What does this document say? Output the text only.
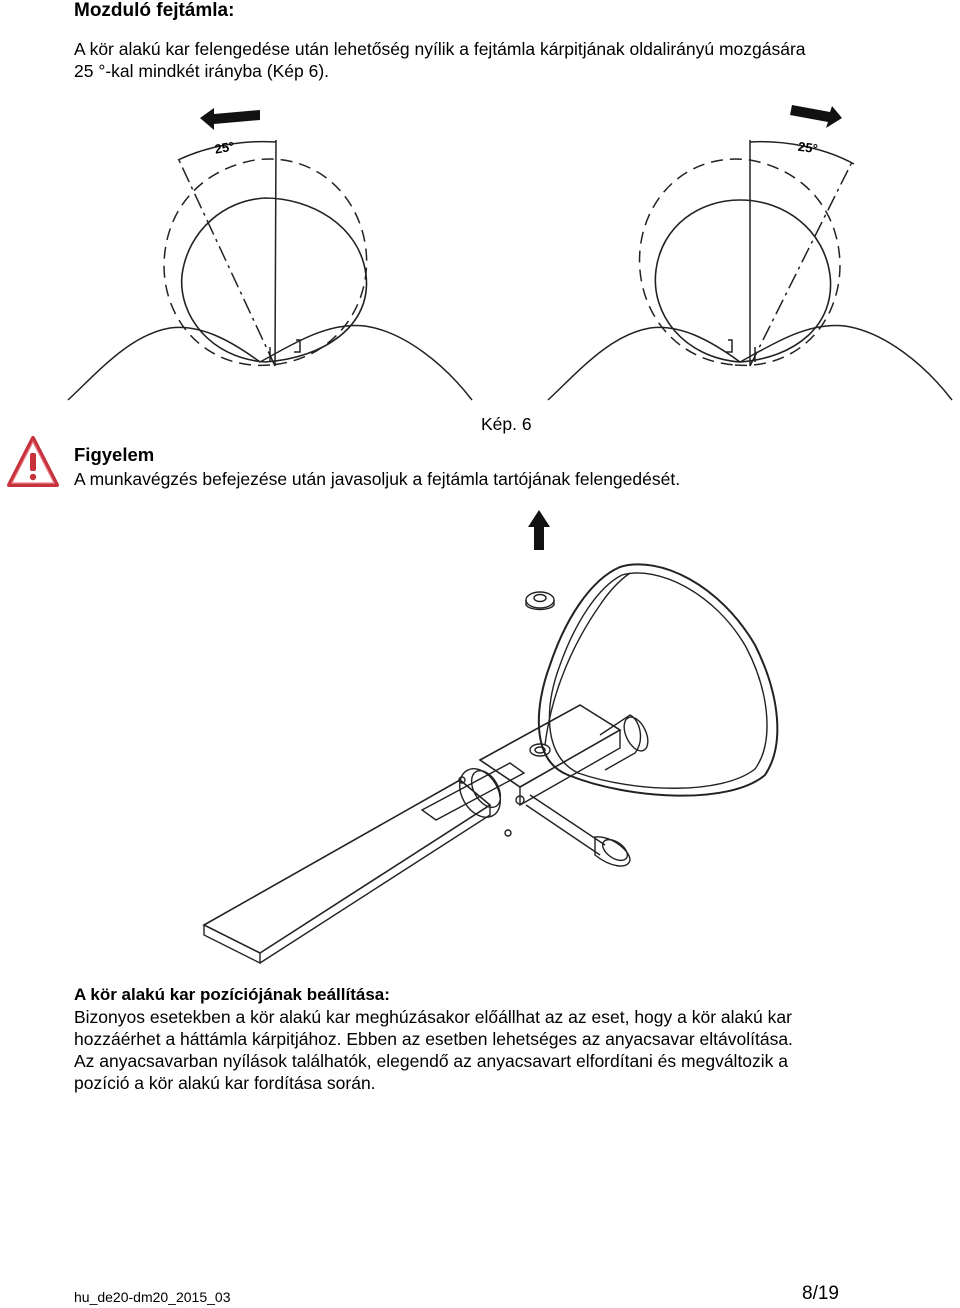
Mozduló fejtámla:
A kör alakú kar felengedése után lehetőség nyílik a fejtámla kárpitjának oldalirányú mozgására
25 °-kal mindkét irányba (Kép 6).
25°	25°
Kép. 6
Figyelem
A munkavégzés befejezése után javasoljuk a fejtámla tartójának felengedését.
A kör alakú kar pozíciójának beállítása:
Bizonyos esetekben a kör alakú kar meghúzásakor előállhat az az eset, hogy a kör alakú kar
hozzáérhet a háttámla kárpitjához. Ebben az esetben lehetséges az anyacsavar eltávolítása.
Az anyacsavarban nyílások találhatók, elegendő az anyacsavart elfordítani és megváltozik a
pozíció a kör alakú kar fordítása során.
hu_de20-dm20_2015_03	8/19
